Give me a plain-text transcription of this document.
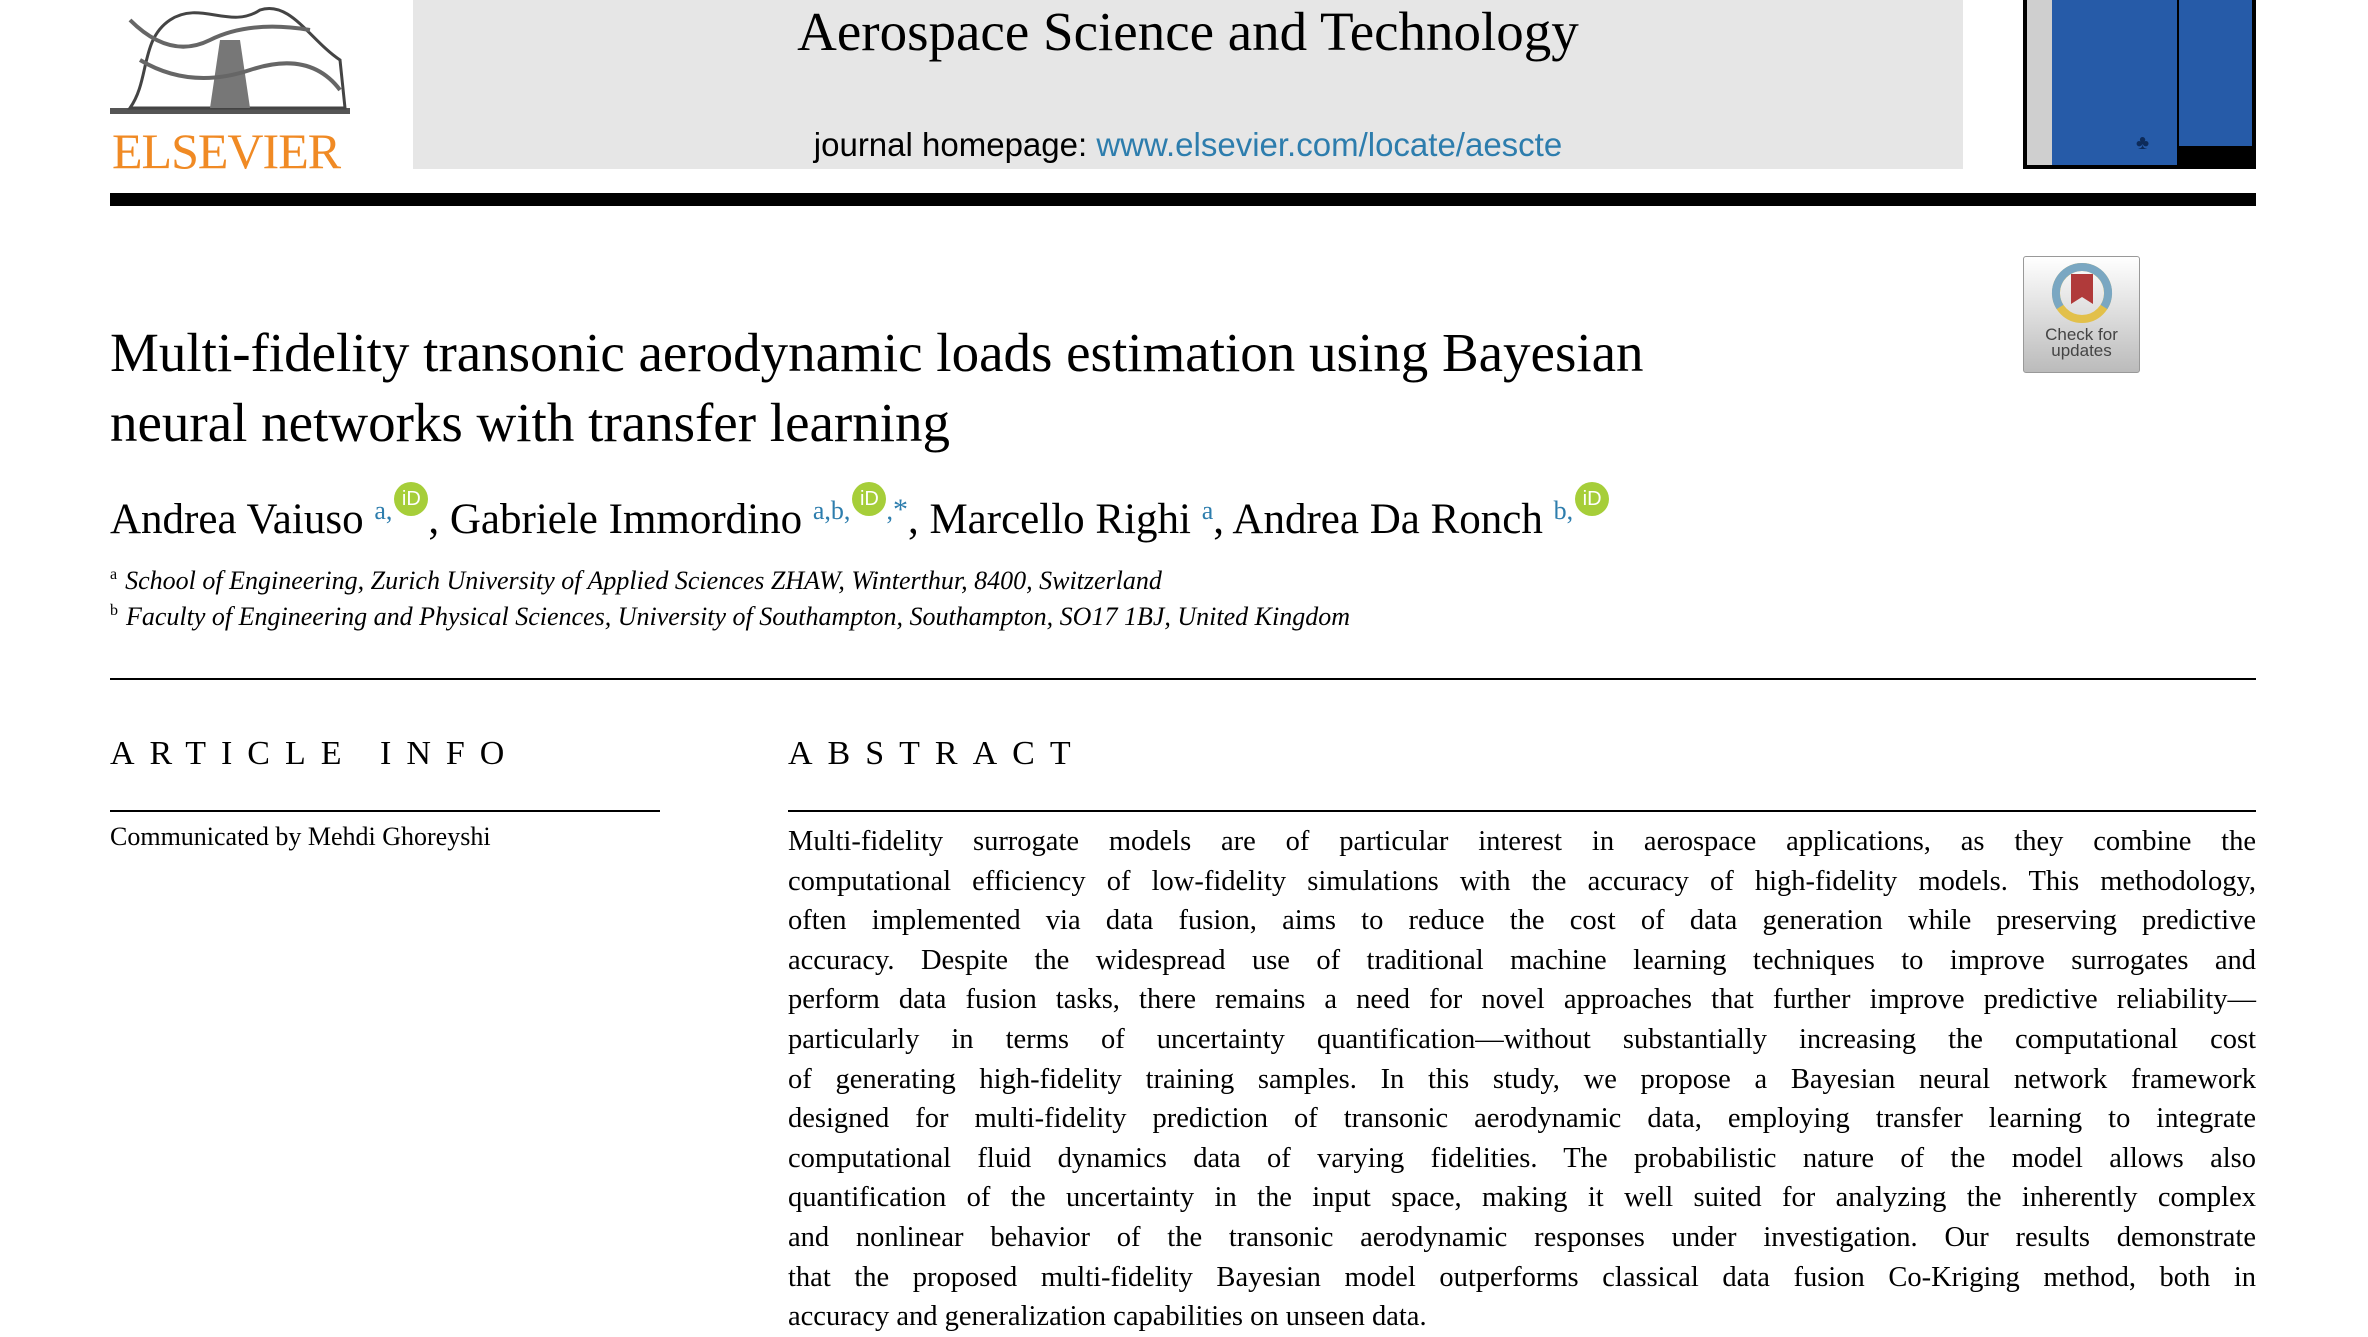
ELSEVIER
Aerospace Science and Technology
journal homepage: www.elsevier.com/locate/aescte	♣
Multi-fidelity transonic aerodynamic loads estimation using Bayesian
neural networks with transfer learning
Check for
updates
Andrea Vaiuso $^{a,}$ iD , Gabriele Immordino $^{a,b,}$ iD ,*, Marcello Righi $^a$, Andrea Da Ronch $^{b,}$ iD
$^a$ School of Engineering, Zurich University of Applied Sciences ZHAW, Winterthur, 8400, Switzerland
$^b$ Faculty of Engineering and Physical Sciences, University of Southampton, Southampton, SO17 1BJ, United Kingdom
ARTICLE INFO
Communicated by Mehdi Ghoreyshi
ABSTRACT
Multi-fidelity surrogate models are of particular interest in aerospace applications, as they combine the
computational efficiency of low-fidelity simulations with the accuracy of high-fidelity models. This methodology,
often implemented via data fusion, aims to reduce the cost of data generation while preserving predictive
accuracy. Despite the widespread use of traditional machine learning techniques to improve surrogates and
perform data fusion tasks, there remains a need for novel approaches that further improve predictive reliability—
particularly in terms of uncertainty quantification—without substantially increasing the computational cost
of generating high-fidelity training samples. In this study, we propose a Bayesian neural network framework
designed for multi-fidelity prediction of transonic aerodynamic data, employing transfer learning to integrate
computational fluid dynamics data of varying fidelities. The probabilistic nature of the model allows also
quantification of the uncertainty in the input space, making it well suited for analyzing the inherently complex
and nonlinear behavior of the transonic aerodynamic responses under investigation. Our results demonstrate
that the proposed multi-fidelity Bayesian model outperforms classical data fusion Co-Kriging method, both in
accuracy and generalization capabilities on unseen data.
